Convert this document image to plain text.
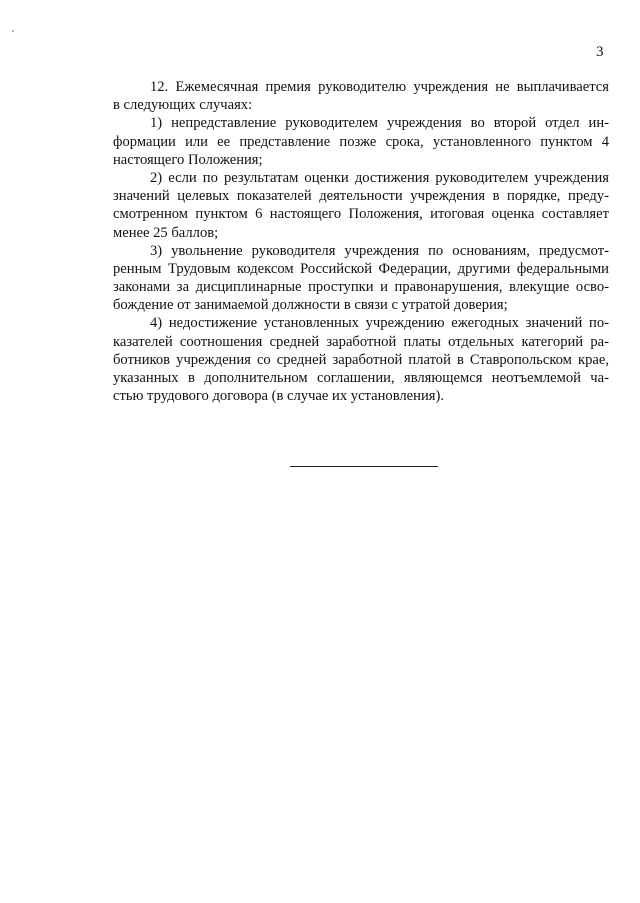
3

12. Ежемесячная премия руководителю учреждения не выплачивается
в следующих случаях:

1) непредставление руководителем учреждения во второй отдел ин-
формации или ее представление позже срока, установленного пунктом 4
настоящего Положения;

2) если по результатам оценки достижения руководителем учреждения
значений целевых показателей деятельности учреждения в порядке, преду-
смотренном пунктом 6 настоящего Положения, итоговая оценка составляет
менее 25 баллов;

3) увольнение руководителя учреждения по основаниям, предусмот-
ренным Трудовым кодексом Российской Федерации, другими федеральными
законами за дисциплинарные проступки и правонарушения, влекущие осво-
бождение от занимаемой должности в связи с утратой доверия;

4) недостижение установленных учреждению ежегодных значений по-
казателей соотношения средней заработной платы отдельных категорий ра-
ботников учреждения со средней заработной платой в Ставропольском крае,
указанных в дополнительном соглашении, являющемся неотъемлемой ча-
стью трудового договора (в случае их установления).
